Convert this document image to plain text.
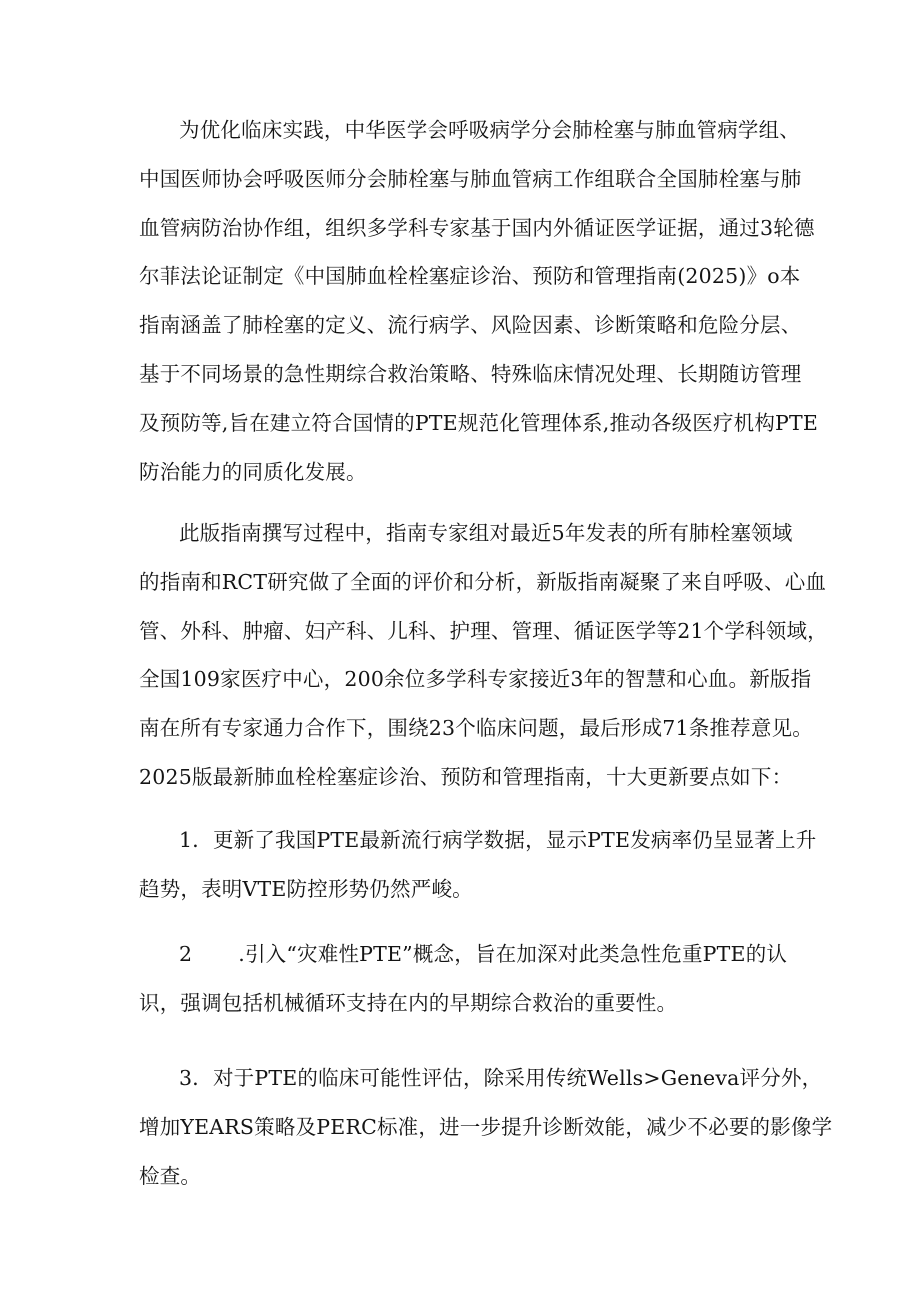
为优化临床实践，中华医学会呼吸病学分会肺栓塞与肺血管病学组、
中国医师协会呼吸医师分会肺栓塞与肺血管病工作组联合全国肺栓塞与肺
血管病防治协作组，组织多学科专家基于国内外循证医学证据，通过3轮德
尔菲法论证制定《中国肺血栓栓塞症诊治、预防和管理指南(2025)》o本
指南涵盖了肺栓塞的定义、流行病学、风险因素、诊断策略和危险分层、
基于不同场景的急性期综合救治策略、特殊临床情况处理、长期随访管理
及预防等,旨在建立符合国情的PTE规范化管理体系,推动各级医疗机构PTE
防治能力的同质化发展。
此版指南撰写过程中，指南专家组对最近5年发表的所有肺栓塞领域
的指南和RCT研究做了全面的评价和分析，新版指南凝聚了来自呼吸、心血
管、外科、肿瘤、妇产科、儿科、护理、管理、循证医学等21个学科领域，
全国109家医疗中心，200余位多学科专家接近3年的智慧和心血。新版指
南在所有专家通力合作下，围绕23个临床问题，最后形成71条推荐意见。
2025版最新肺血栓栓塞症诊治、预防和管理指南，十大更新要点如下：
1．更新了我国PTE最新流行病学数据，显示PTE发病率仍呈显著上升
趋势，表明VTE防控形势仍然严峻。
2 .引入“灾难性PTE”概念，旨在加深对此类急性危重PTE的认
识，强调包括机械循环支持在内的早期综合救治的重要性。
3．对于PTE的临床可能性评估，除采用传统Wells>Geneva评分外，
增加YEARS策略及PERC标准，进一步提升诊断效能，减少不必要的影像学
检查。
